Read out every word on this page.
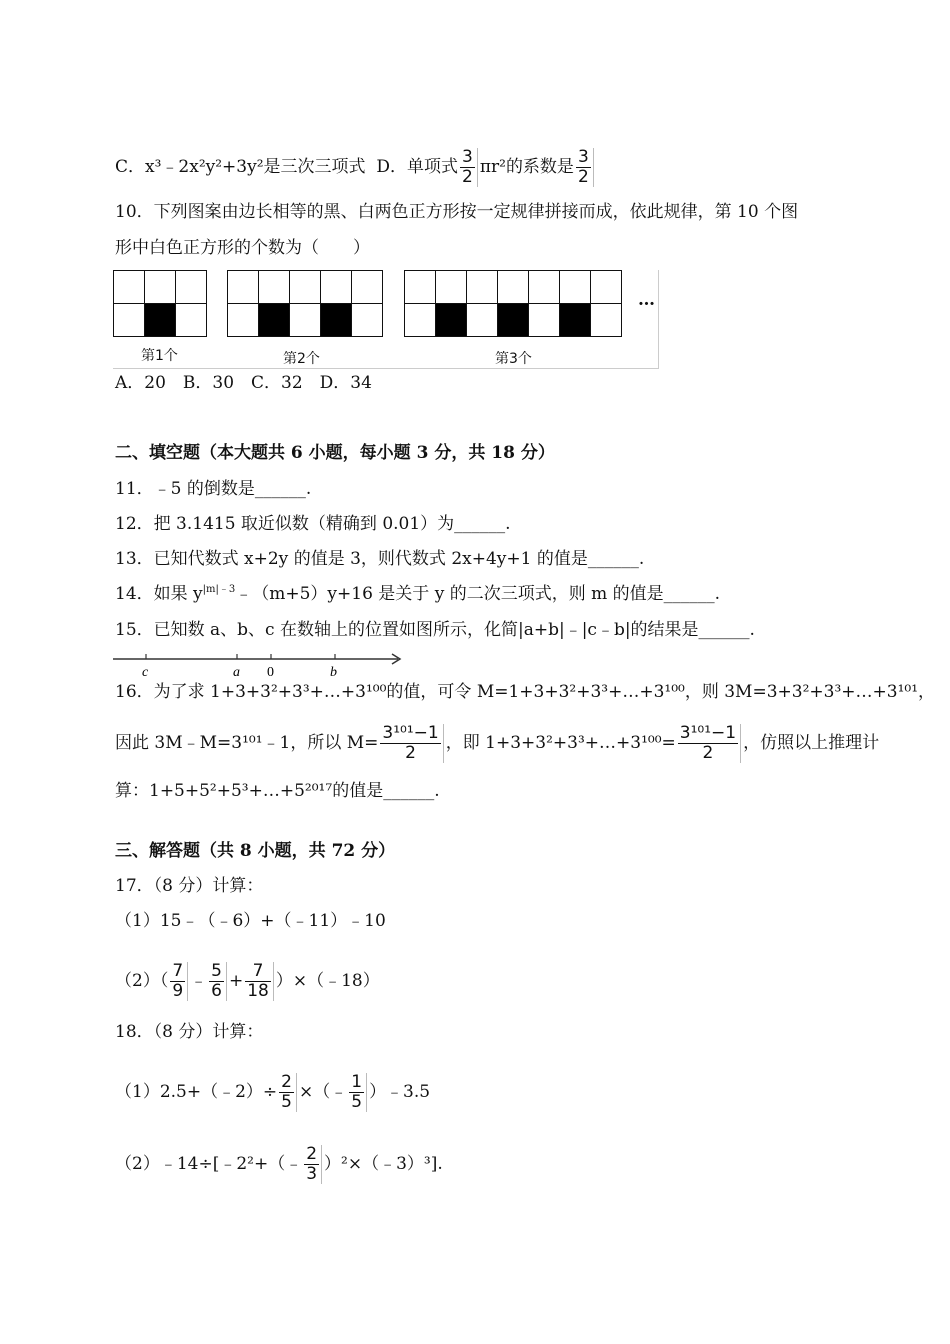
C．x³﹣2x²y²+3y²是三次三项式 D．单项式 $\frac{3}{2} \pi r^2$的系数是 $\frac{3}{2}$
10．下列图案由边长相等的黑、白两色正方形按一定规律拼接而成，依此规律，第 10 个图
形中白色正方形的个数为（　　）

…
第1个	第2个	第3个
A．20　B．30　C．32　D．34
二、填空题（本大题共 6 小题，每小题 3 分，共 18 分）
11．﹣5 的倒数是______.
12．把 3.1415 取近似数（精确到 0.01）为______.
13．已知代数式 x+2y 的值是 3，则代数式 2x+4y+1 的值是______.
14．如果 $y^{|m|﹣3}﹣(m+5)y+16$ 是关于 y 的二次三项式，则 m 的值是______.
15．已知数 a、b、c 在数轴上的位置如图所示，化简|a+b|﹣|c﹣b|的结果是______.
c	a 0	b
16．为了求 1+3+3²+3³+…+3¹⁰⁰的值，可令 M=1+3+3²+3³+…+3¹⁰⁰，则 3M=3+3²+3³+…+3¹⁰¹，
因此 3M﹣M=3¹⁰¹﹣1，所以 $M= \frac{\text{3¹⁰¹−1}}{2}$ ，即 1+3+3²+3³+…+3¹⁰⁰= $\frac{\text{3¹⁰¹−1}}{2}$ ，仿照以上推理计
算：1+5+5²+5³+…+5²⁰¹⁷的值是______.
三、解答题（共 8 小题，共 72 分）
17．（8 分）计算：
（1）15﹣（﹣6）+（﹣11）﹣10
$(2)( \frac{7}{9}$ ﹣ $\frac{5}{6} + \frac{7}{18}$ ）×（﹣18）
18．（8 分）计算：
（1）2.5+（﹣2）÷ $\frac{2}{5}$ ×（﹣ $\frac{1}{5}$ ）﹣3.5
（2）﹣14÷[﹣2²+（﹣ $\frac{2}{3}$ ）²×（﹣3）³].
